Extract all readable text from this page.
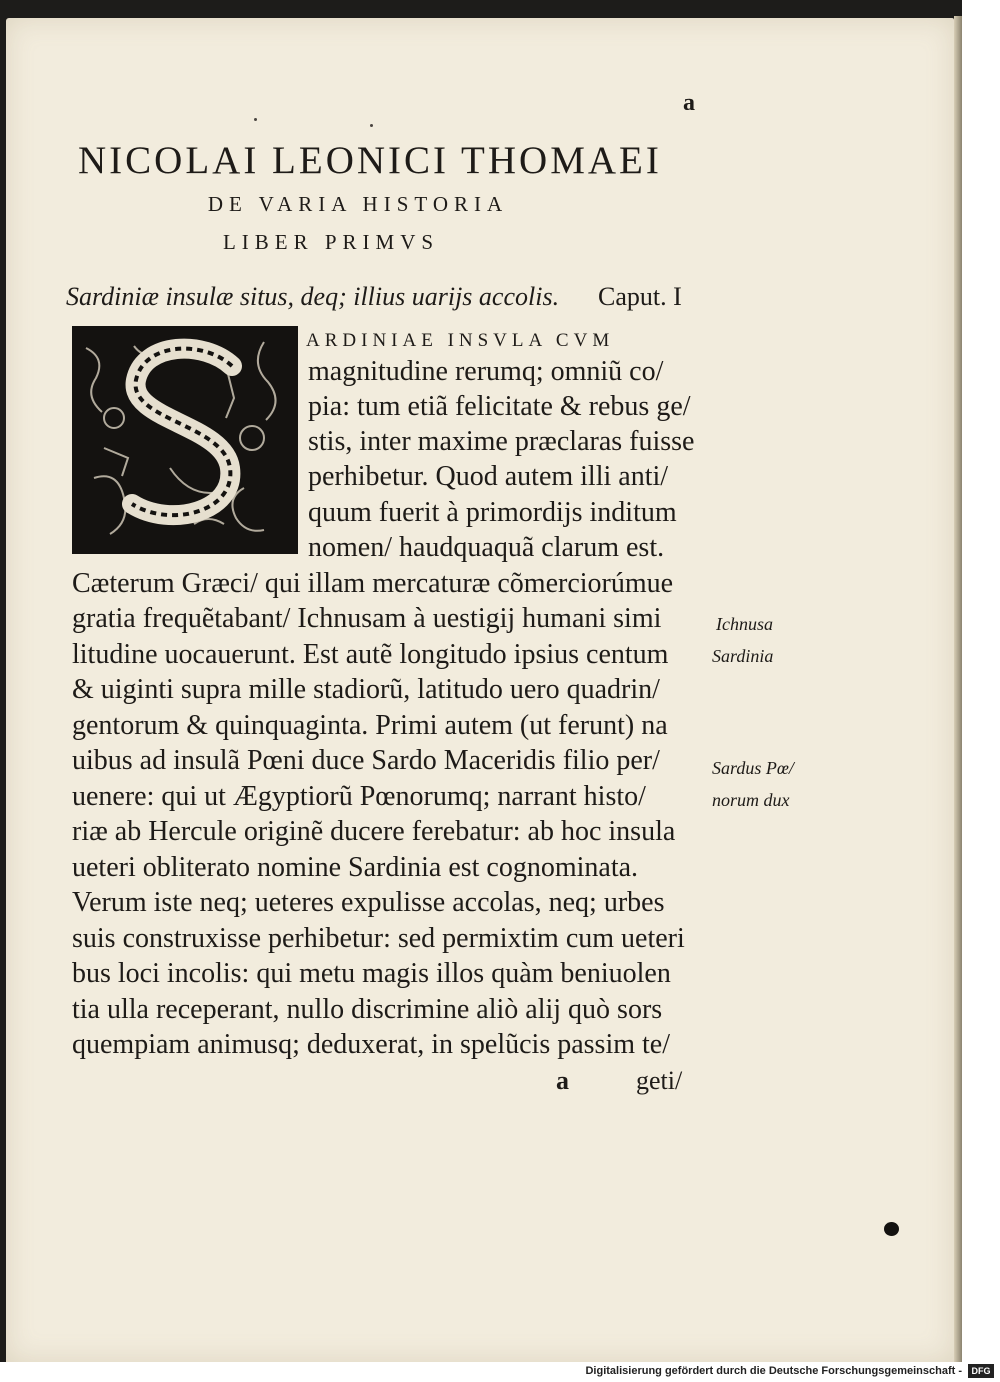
a
NICOLAI LEONICI THOMAEI
DE VARIA HISTORIA
LIBER PRIMVS
Sardiniæ insulæ situs, deq; illius uarijs accolis.	Caput. I
ARDINIAE INSVLA CVM
magnitudine rerumq; omniũ co/
pia: tum etiã felicitate & rebus ge/
stis, inter maxime præclaras fuisse
perhibetur. Quod autem illi anti/
quum fuerit à primordijs inditum
nomen/ haudquaquã clarum est.
Cæterum Græci/ qui illam mercaturæ cõmerciorúmue
gratia frequẽtabant/ Ichnusam à uestigij humani simi
litudine uocauerunt. Est autẽ longitudo ipsius centum
& uiginti supra mille stadiorũ, latitudo uero quadrin/
gentorum & quinquaginta. Primi autem (ut ferunt) na
uibus ad insulã Pœni duce Sardo Maceridis filio per/
uenere: qui ut Ægyptiorũ Pœnorumq; narrant histo/
riæ ab Hercule originẽ ducere ferebatur: ab hoc insula
ueteri obliterato nomine Sardinia est cognominata.
Verum iste neq; ueteres expulisse accolas, neq; urbes
suis construxisse perhibetur: sed permixtim cum ueteri
bus loci incolis: qui metu magis illos quàm beniuolen
tia ulla receperant, nullo discrimine aliò alij quò sors
quempiam animusq; deduxerat, in spelũcis passim te/
Ichnusa
Sardinia
Sardus Pœ/
norum dux
a	geti/
Digitalisierung gefördert durch die Deutsche Forschungsgemeinschaft -	DFG
